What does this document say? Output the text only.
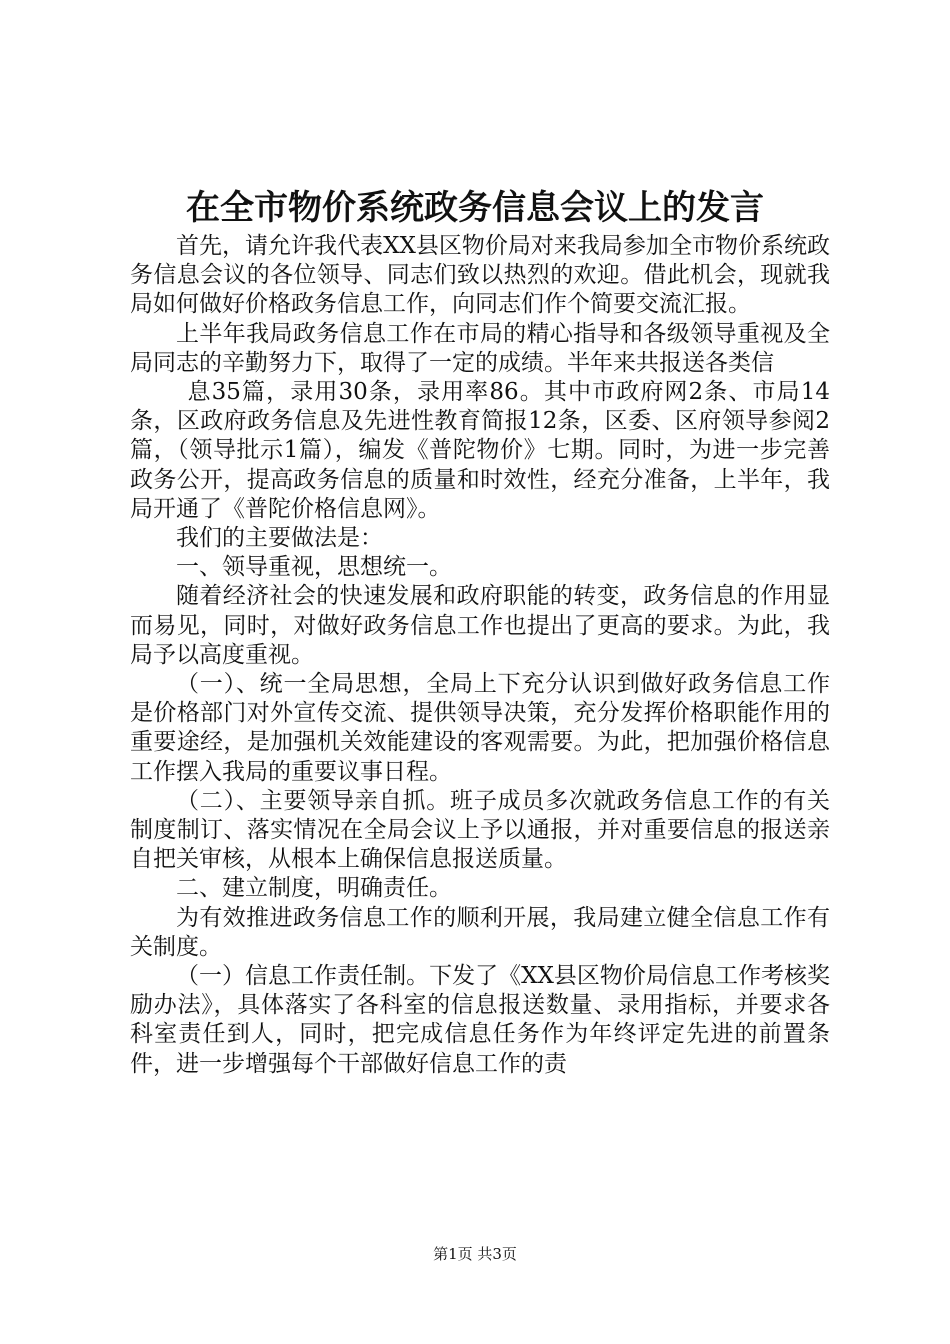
在全市物价系统政务信息会议上的发言

首先，请允许我代表XX县区物价局对来我局参加全市物价系统政务信息会议的各位领导、同志们致以热烈的欢迎。借此机会，现就我局如何做好价格政务信息工作，向同志们作个简要交流汇报。

上半年我局政务信息工作在市局的精心指导和各级领导重视及全局同志的辛勤努力下，取得了一定的成绩。半年来共报送各类信

息35篇，录用30条，录用率86。其中市政府网2条、市局14条，区政府政务信息及先进性教育简报12条，区委、区府领导参阅2篇，（领导批示1篇），编发《普陀物价》七期。同时，为进一步完善政务公开，提高政务信息的质量和时效性，经充分准备，上半年，我局开通了《普陀价格信息网》。

我们的主要做法是：

一、领导重视，思想统一。

随着经济社会的快速发展和政府职能的转变，政务信息的作用显而易见，同时，对做好政务信息工作也提出了更高的要求。为此，我局予以高度重视。

（一）、统一全局思想，全局上下充分认识到做好政务信息工作是价格部门对外宣传交流、提供领导决策，充分发挥价格职能作用的重要途经，是加强机关效能建设的客观需要。为此，把加强价格信息工作摆入我局的重要议事日程。

（二）、主要领导亲自抓。班子成员多次就政务信息工作的有关制度制订、落实情况在全局会议上予以通报，并对重要信息的报送亲自把关审核，从根本上确保信息报送质量。

二、建立制度，明确责任。

为有效推进政务信息工作的顺利开展，我局建立健全信息工作有关制度。

（一）信息工作责任制。下发了《XX县区物价局信息工作考核奖励办法》，具体落实了各科室的信息报送数量、录用指标，并要求各科室责任到人，同时，把完成信息任务作为年终评定先进的前置条件，进一步增强每个干部做好信息工作的责

第1页 共3页
